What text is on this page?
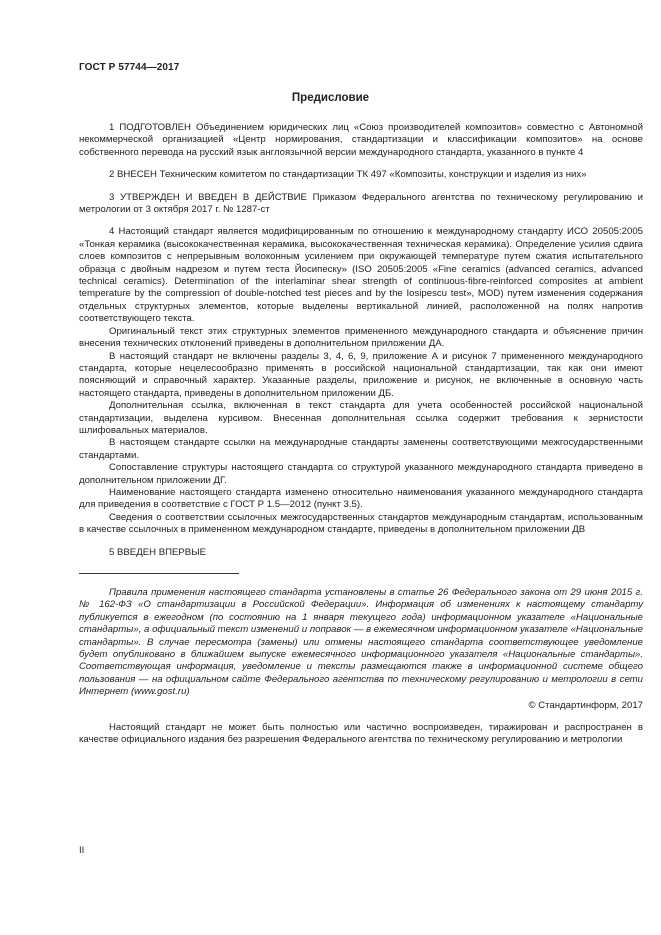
ГОСТ Р 57744—2017
Предисловие

1 ПОДГОТОВЛЕН Объединением юридических лиц «Союз производителей композитов» совместно с Автономной некоммерческой организацией «Центр нормирования, стандартизации и классификации композитов» на основе собственного перевода на русский язык англоязычной версии международного стандарта, указанного в пункте 4

2 ВНЕСЕН Техническим комитетом по стандартизации ТК 497 «Композиты, конструкции и изделия из них»

3 УТВЕРЖДЕН И ВВЕДЕН В ДЕЙСТВИЕ Приказом Федерального агентства по техническому регулированию и метрологии от 3 октября 2017 г. № 1287-ст

4 Настоящий стандарт является модифицированным по отношению к международному стандарту ИСО 20505:2005 «Тонкая керамика (высококачественная керамика, высококачественная техническая керамика). Определение усилия сдвига слоев композитов с непрерывным волоконным усилением при окружающей температуре путем сжатия испытательного образца с двойным надрезом и путем теста Йосипеску» (ISO 20505:2005 «Fine ceramics (advanced ceramics, advanced technical ceramics). Determination of the interlaminar shear strength of continuous-fibre-reinforced composites at ambient temperature by the compression of double-notched test pieces and by the Iosipescu test», MOD) путем изменения содержания отдельных структурных элементов, которые выделены вертикальной линией, расположенной на полях напротив соответствующего текста.

Оригинальный текст этих структурных элементов примененного международного стандарта и объяснение причин внесения технических отклонений приведены в дополнительном приложении ДА.

В настоящий стандарт не включены разделы 3, 4, 6, 9, приложение А и рисунок 7 примененного международного стандарта, которые нецелесообразно применять в российской национальной стандартизации, так как они имеют поясняющий и справочный характер. Указанные разделы, приложение и рисунок, не включенные в основную часть настоящего стандарта, приведены в дополнительном приложении ДБ.

Дополнительная ссылка, включенная в текст стандарта для учета особенностей российской национальной стандартизации, выделена курсивом. Внесенная дополнительная ссылка содержит требования к зернистости шлифовальных материалов.

В настоящем стандарте ссылки на международные стандарты заменены соответствующими межгосударственными стандартами.

Сопоставление структуры настоящего стандарта со структурой указанного международного стандарта приведено в дополнительном приложении ДГ.

Наименование настоящего стандарта изменено относительно наименования указанного международного стандарта для приведения в соответствие с ГОСТ Р 1.5—2012 (пункт 3.5).

Сведения о соответствии ссылочных межгосударственных стандартов международным стандартам, использованным в качестве ссылочных в примененном международном стандарте, приведены в дополнительном приложении ДВ

5 ВВЕДЕН ВПЕРВЫЕ

Правила применения настоящего стандарта установлены в статье 26 Федерального закона от 29 июня 2015 г. № 162-ФЗ «О стандартизации в Российской Федерации». Информация об изменениях к настоящему стандарту публикуется в ежегодном (по состоянию на 1 января текущего года) информационном указателе «Национальные стандарты», а официальный текст изменений и поправок — в ежемесячном информационном указателе «Национальные стандарты». В случае пересмотра (замены) или отмены настоящего стандарта соответствующее уведомление будет опубликовано в ближайшем выпуске ежемесячного информационного указателя «Национальные стандарты». Соответствующая информация, уведомление и тексты размещаются также в информационной системе общего пользования — на официальном сайте Федерального агентства по техническому регулированию и метрологии в сети Интернет (www.gost.ru)

© Стандартинформ, 2017

Настоящий стандарт не может быть полностью или частично воспроизведен, тиражирован и распространен в качестве официального издания без разрешения Федерального агентства по техническому регулированию и метрологии

II
